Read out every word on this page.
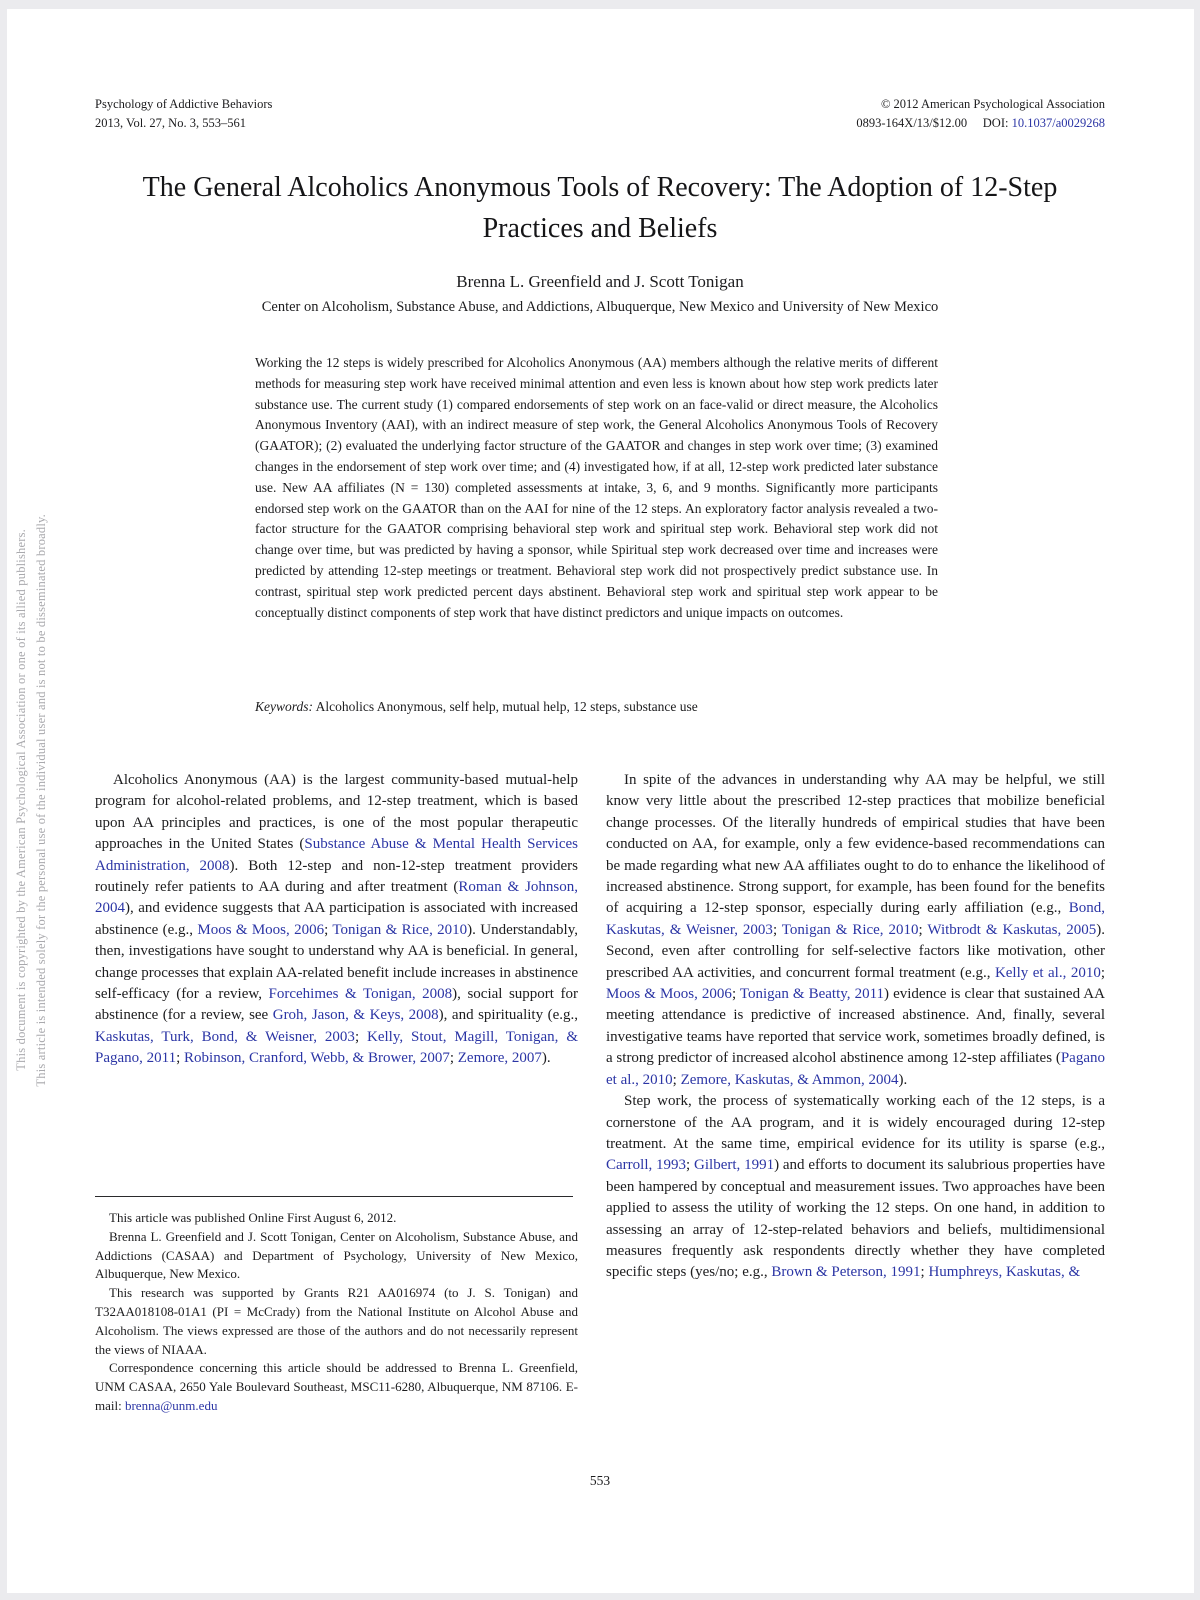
This document is copyrighted by the American Psychological Association or one of its allied publishers. This article is intended solely for the personal use of the individual user and is not to be disseminated broadly.
Psychology of Addictive Behaviors
2013, Vol. 27, No. 3, 553–561
© 2012 American Psychological Association
0893-164X/13/$12.00 DOI: 10.1037/a0029268
The General Alcoholics Anonymous Tools of Recovery: The Adoption of 12-Step Practices and Beliefs
Brenna L. Greenfield and J. Scott Tonigan
Center on Alcoholism, Substance Abuse, and Addictions, Albuquerque, New Mexico and University of New Mexico
Working the 12 steps is widely prescribed for Alcoholics Anonymous (AA) members although the relative merits of different methods for measuring step work have received minimal attention and even less is known about how step work predicts later substance use. The current study (1) compared endorsements of step work on an face-valid or direct measure, the Alcoholics Anonymous Inventory (AAI), with an indirect measure of step work, the General Alcoholics Anonymous Tools of Recovery (GAATOR); (2) evaluated the underlying factor structure of the GAATOR and changes in step work over time; (3) examined changes in the endorsement of step work over time; and (4) investigated how, if at all, 12-step work predicted later substance use. New AA affiliates (N = 130) completed assessments at intake, 3, 6, and 9 months. Significantly more participants endorsed step work on the GAATOR than on the AAI for nine of the 12 steps. An exploratory factor analysis revealed a two-factor structure for the GAATOR comprising behavioral step work and spiritual step work. Behavioral step work did not change over time, but was predicted by having a sponsor, while Spiritual step work decreased over time and increases were predicted by attending 12-step meetings or treatment. Behavioral step work did not prospectively predict substance use. In contrast, spiritual step work predicted percent days abstinent. Behavioral step work and spiritual step work appear to be conceptually distinct components of step work that have distinct predictors and unique impacts on outcomes.
Keywords: Alcoholics Anonymous, self help, mutual help, 12 steps, substance use

Alcoholics Anonymous (AA) is the largest community-based mutual-help program for alcohol-related problems, and 12-step treatment, which is based upon AA principles and practices, is one of the most popular therapeutic approaches in the United States (Substance Abuse & Mental Health Services Administration, 2008). Both 12-step and non-12-step treatment providers routinely refer patients to AA during and after treatment (Roman & Johnson, 2004), and evidence suggests that AA participation is associated with increased abstinence (e.g., Moos & Moos, 2006; Tonigan & Rice, 2010). Understandably, then, investigations have sought to understand why AA is beneficial. In general, change processes that explain AA-related benefit include increases in abstinence self-efficacy (for a review, Forcehimes & Tonigan, 2008), social support for abstinence (for a review, see Groh, Jason, & Keys, 2008), and spirituality (e.g., Kaskutas, Turk, Bond, & Weisner, 2003; Kelly, Stout, Magill, Tonigan, & Pagano, 2011; Robinson, Cranford, Webb, & Brower, 2007; Zemore, 2007).

In spite of the advances in understanding why AA may be helpful, we still know very little about the prescribed 12-step practices that mobilize beneficial change processes. Of the literally hundreds of empirical studies that have been conducted on AA, for example, only a few evidence-based recommendations can be made regarding what new AA affiliates ought to do to enhance the likelihood of increased abstinence. Strong support, for example, has been found for the benefits of acquiring a 12-step sponsor, especially during early affiliation (e.g., Bond, Kaskutas, & Weisner, 2003; Tonigan & Rice, 2010; Witbrodt & Kaskutas, 2005). Second, even after controlling for self-selective factors like motivation, other prescribed AA activities, and concurrent formal treatment (e.g., Kelly et al., 2010; Moos & Moos, 2006; Tonigan & Beatty, 2011) evidence is clear that sustained AA meeting attendance is predictive of increased abstinence. And, finally, several investigative teams have reported that service work, sometimes broadly defined, is a strong predictor of increased alcohol abstinence among 12-step affiliates (Pagano et al., 2010; Zemore, Kaskutas, & Ammon, 2004).

Step work, the process of systematically working each of the 12 steps, is a cornerstone of the AA program, and it is widely encouraged during 12-step treatment. At the same time, empirical evidence for its utility is sparse (e.g., Carroll, 1993; Gilbert, 1991) and efforts to document its salubrious properties have been hampered by conceptual and measurement issues. Two approaches have been applied to assess the utility of working the 12 steps. On one hand, in addition to assessing an array of 12-step-related behaviors and beliefs, multidimensional measures frequently ask respondents directly whether they have completed specific steps (yes/no; e.g., Brown & Peterson, 1991; Humphreys, Kaskutas, &

This article was published Online First August 6, 2012.

Brenna L. Greenfield and J. Scott Tonigan, Center on Alcoholism, Substance Abuse, and Addictions (CASAA) and Department of Psychology, University of New Mexico, Albuquerque, New Mexico.

This research was supported by Grants R21 AA016974 (to J. S. Tonigan) and T32AA018108-01A1 (PI = McCrady) from the National Institute on Alcohol Abuse and Alcoholism. The views expressed are those of the authors and do not necessarily represent the views of NIAAA.

Correspondence concerning this article should be addressed to Brenna L. Greenfield, UNM CASAA, 2650 Yale Boulevard Southeast, MSC11-6280, Albuquerque, NM 87106. E-mail: brenna@unm.edu

553
